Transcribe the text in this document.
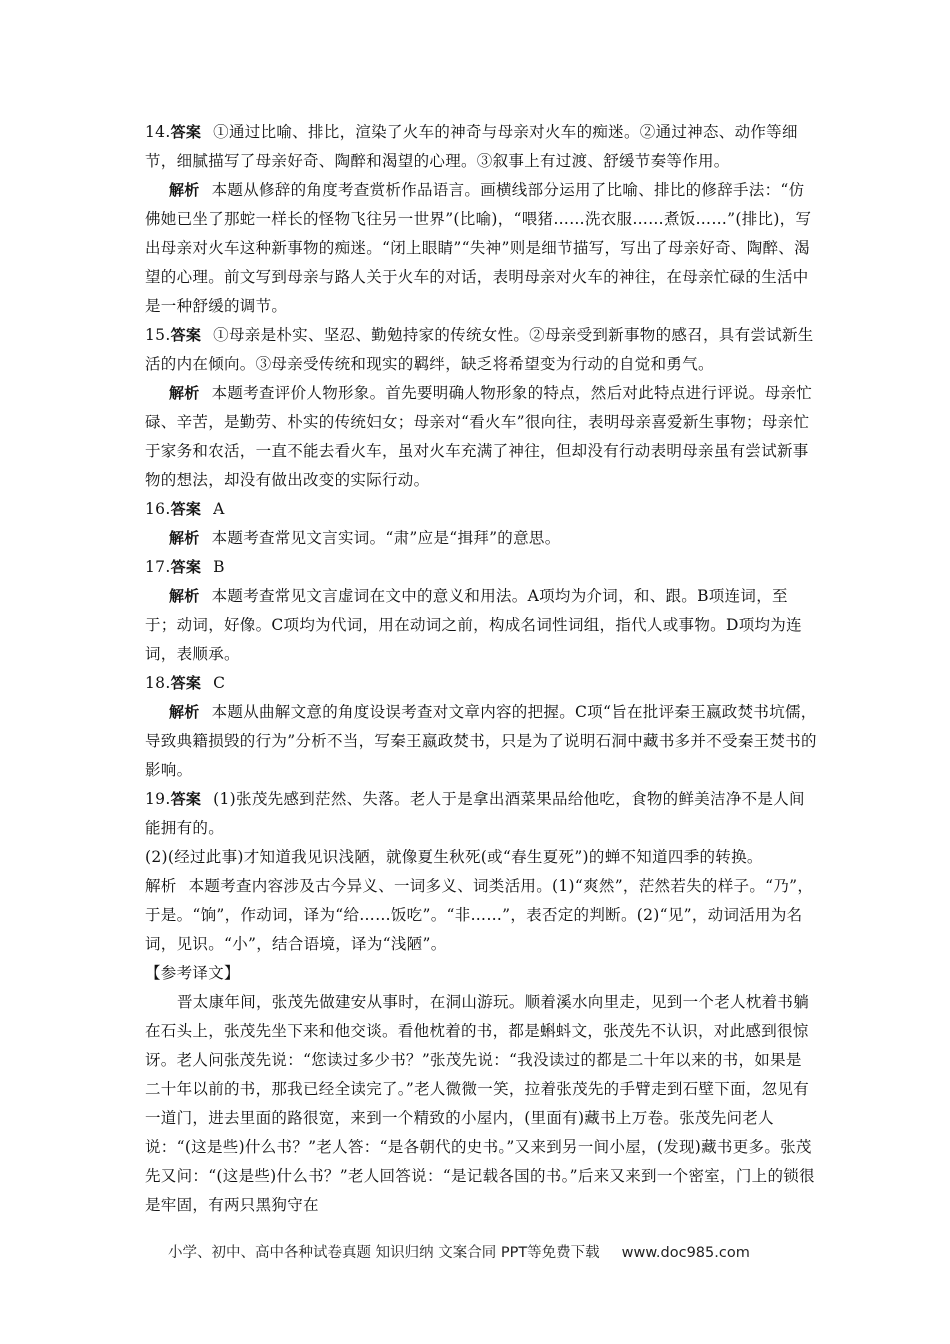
14.答案 ①通过比喻、排比，渲染了火车的神奇与母亲对火车的痴迷。②通过神态、动作等细节，细腻描写了母亲好奇、陶醉和渴望的心理。③叙事上有过渡、舒缓节奏等作用。

解析 本题从修辞的角度考查赏析作品语言。画横线部分运用了比喻、排比的修辞手法：“仿佛她已坐了那蛇一样长的怪物飞往另一世界”(比喻)，“喂猪……洗衣服……煮饭……”(排比)，写出母亲对火车这种新事物的痴迷。“闭上眼睛”“失神”则是细节描写，写出了母亲好奇、陶醉、渴望的心理。前文写到母亲与路人关于火车的对话，表明母亲对火车的神往，在母亲忙碌的生活中是一种舒缓的调节。

15.答案 ①母亲是朴实、坚忍、勤勉持家的传统女性。②母亲受到新事物的感召，具有尝试新生活的内在倾向。③母亲受传统和现实的羁绊，缺乏将希望变为行动的自觉和勇气。

解析 本题考查评价人物形象。首先要明确人物形象的特点，然后对此特点进行评说。母亲忙碌、辛苦，是勤劳、朴实的传统妇女；母亲对“看火车”很向往，表明母亲喜爱新生事物；母亲忙于家务和农活，一直不能去看火车，虽对火车充满了神往，但却没有行动表明母亲虽有尝试新事物的想法，却没有做出改变的实际行动。

16.答案 A

解析 本题考查常见文言实词。“肃”应是“揖拜”的意思。

17.答案 B

解析 本题考查常见文言虚词在文中的意义和用法。A项均为介词，和、跟。B项连词，至于；动词，好像。C项均为代词，用在动词之前，构成名词性词组，指代人或事物。D项均为连词，表顺承。

18.答案 C

解析 本题从曲解文意的角度设误考查对文章内容的把握。C项“旨在批评秦王嬴政焚书坑儒，导致典籍损毁的行为”分析不当，写秦王嬴政焚书，只是为了说明石洞中藏书多并不受秦王焚书的影响。

19.答案 (1)张茂先感到茫然、失落。老人于是拿出酒菜果品给他吃，食物的鲜美洁净不是人间能拥有的。

(2)(经过此事)才知道我见识浅陋，就像夏生秋死(或“春生夏死”)的蝉不知道四季的转换。

解析 本题考查内容涉及古今异义、一词多义、词类活用。(1)“爽然”，茫然若失的样子。“乃”，于是。“饷”，作动词，译为“给……饭吃”。“非……”，表否定的判断。(2)“见”，动词活用为名词，见识。“小”，结合语境，译为“浅陋”。

【参考译文】

晋太康年间，张茂先做建安从事时，在洞山游玩。顺着溪水向里走，见到一个老人枕着书躺在石头上，张茂先坐下来和他交谈。看他枕着的书，都是蝌蚪文，张茂先不认识，对此感到很惊讶。老人问张茂先说：“您读过多少书？”张茂先说：“我没读过的都是二十年以来的书，如果是二十年以前的书，那我已经全读完了。”老人微微一笑，拉着张茂先的手臂走到石壁下面，忽见有一道门，进去里面的路很宽，来到一个精致的小屋内，(里面有)藏书上万卷。张茂先问老人说：“(这是些)什么书？”老人答：“是各朝代的史书。”又来到另一间小屋，(发现)藏书更多。张茂先又问：“(这是些)什么书？”老人回答说：“是记载各国的书。”后来又来到一个密室，门上的锁很是牢固，有两只黑狗守在

小学、初中、高中各种试卷真题 知识归纳 文案合同 PPT等免费下载 www.doc985.com
